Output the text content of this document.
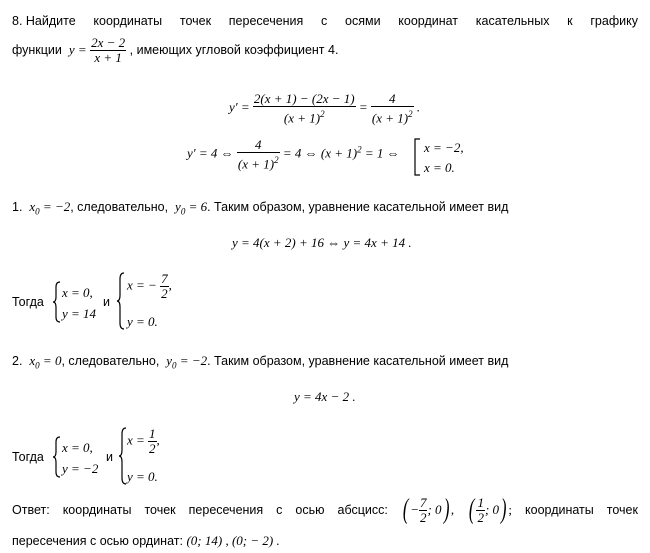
8. Найдите координаты точек пересечения с осями координат касательных к графику
функции $y = \frac{2x - 2}{x + 1}$ , имеющих угловой коэффициент 4.
$y' = \frac{2(x + 1) - (2x - 1)}{(x + 1)^2} = \frac{4}{(x + 1)^2}$ .
y′ = 4 ⇔ $\frac{4}{(x + 1)^2} = 4$ ⇔ $(x + 1)^2 = 1$ ⇔ x = −2,
x = 0.
1. $x_0 = -2$, следовательно, $y_0 = 6$. Таким образом, уравнение касательной имеет вид
y = 4(x + 2) + 16 ⇔ y = 4x + 14 .
Тогда
x = 0,
y = 14
и
x = − $\frac{7}{2}$ ,
y = 0.
2. $x_0 = 0$, следовательно, $y_0 = -2$. Таким образом, уравнение касательной имеет вид
y = 4x − 2 .
Тогда
x = 0,
y = −2
и
$x = \frac{1}{2}$ ,
y = 0.
Ответ: координаты точек пересечения с осью абсцисс: ( − $\frac{7}{2}$ ; 0 ) , ( $\frac{1}{2}$ ; 0 ) ; координаты точек
пересечения с осью ординат: (0; 14) , (0; − 2) .
